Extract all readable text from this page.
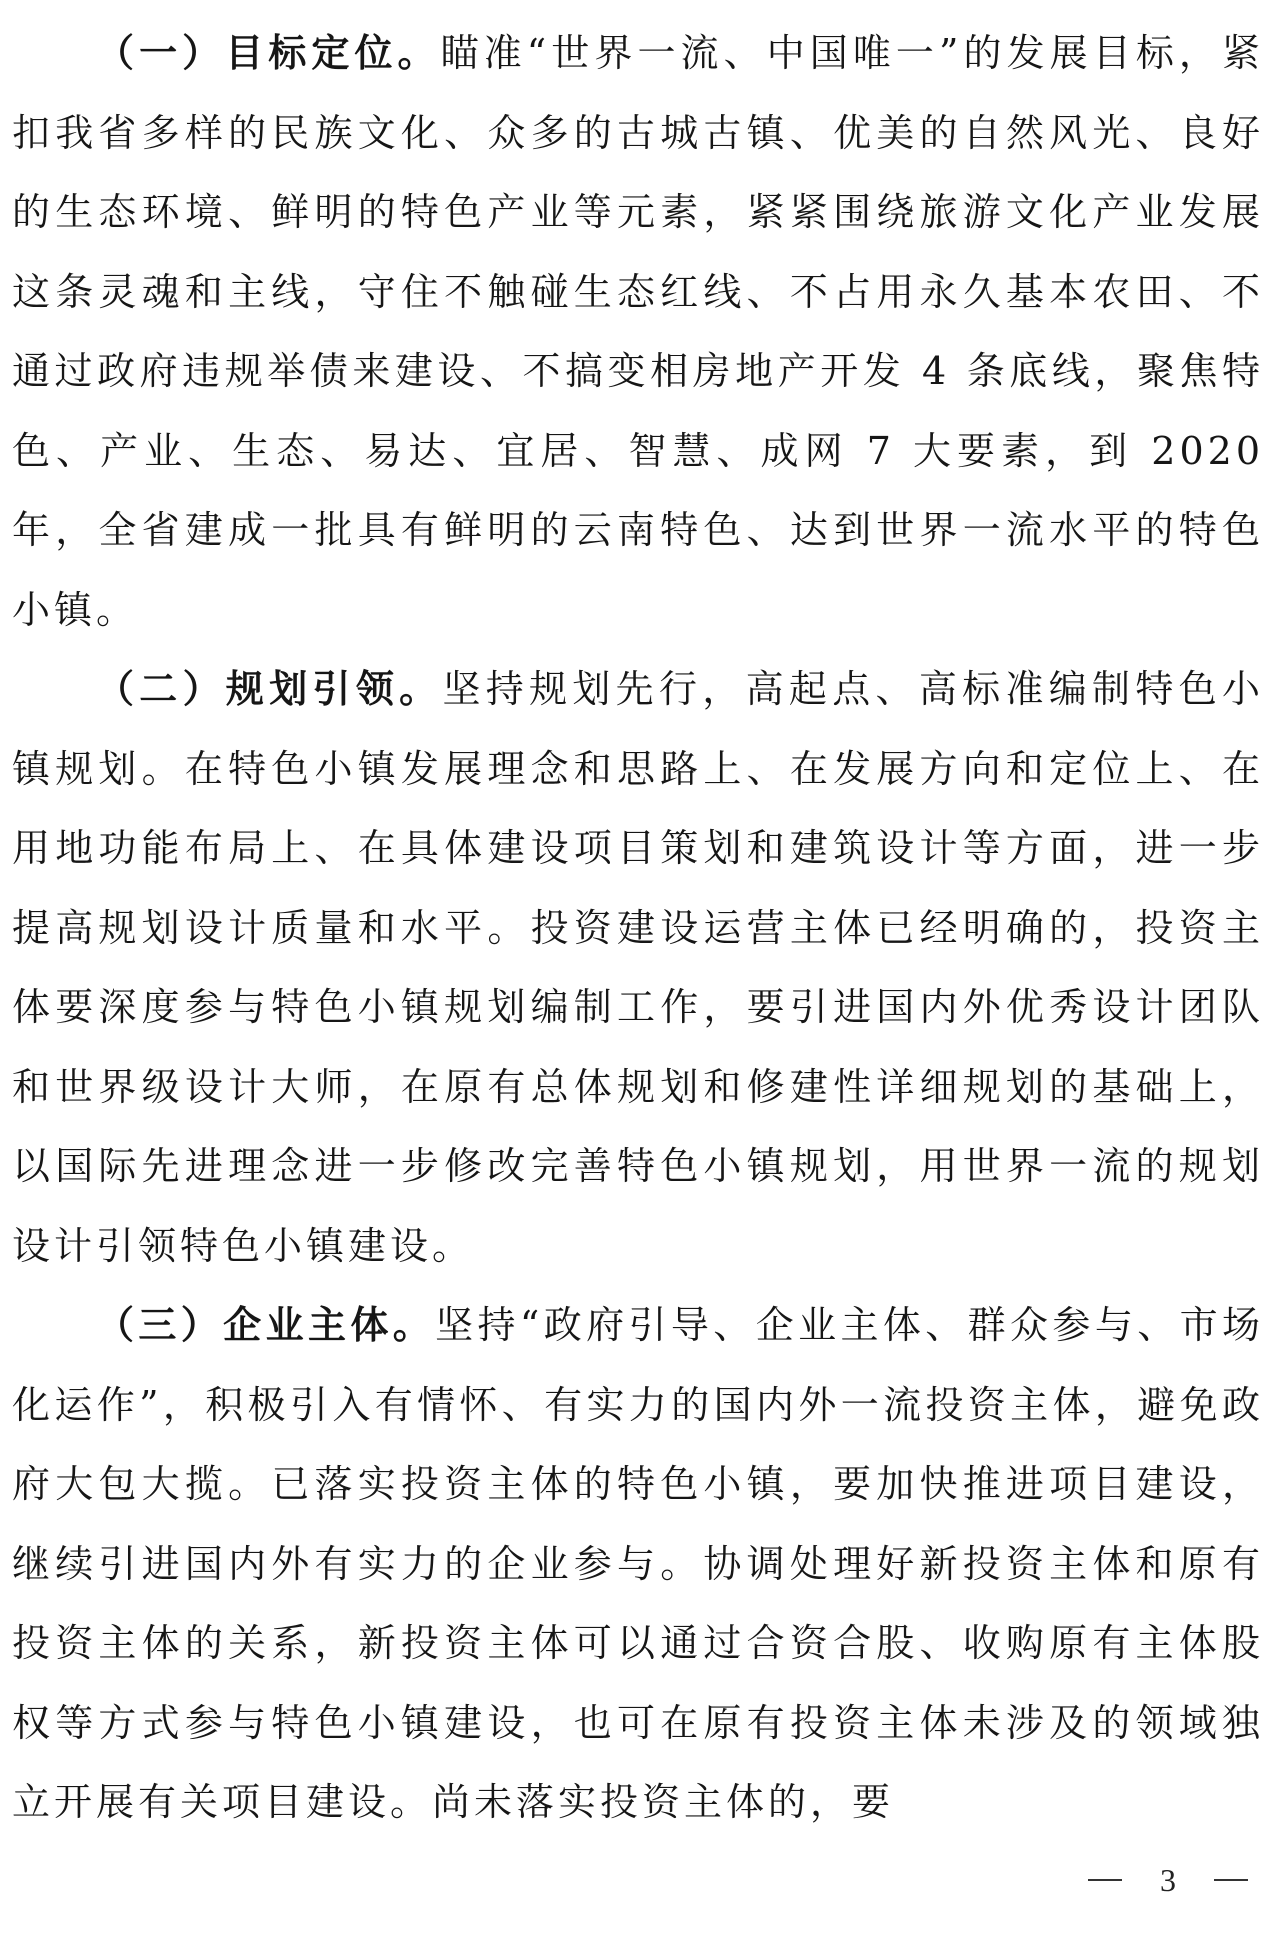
（一）目标定位。瞄准“世界一流、中国唯一”的发展目标，紧扣我省多样的民族文化、众多的古城古镇、优美的自然风光、良好的生态环境、鲜明的特色产业等元素，紧紧围绕旅游文化产业发展这条灵魂和主线，守住不触碰生态红线、不占用永久基本农田、不通过政府违规举债来建设、不搞变相房地产开发 4 条底线，聚焦特色、产业、生态、易达、宜居、智慧、成网 7 大要素，到 2020 年，全省建成一批具有鲜明的云南特色、达到世界一流水平的特色小镇。

（二）规划引领。坚持规划先行，高起点、高标准编制特色小镇规划。在特色小镇发展理念和思路上、在发展方向和定位上、在用地功能布局上、在具体建设项目策划和建筑设计等方面，进一步提高规划设计质量和水平。投资建设运营主体已经明确的，投资主体要深度参与特色小镇规划编制工作，要引进国内外优秀设计团队和世界级设计大师，在原有总体规划和修建性详细规划的基础上，以国际先进理念进一步修改完善特色小镇规划，用世界一流的规划设计引领特色小镇建设。

（三）企业主体。坚持“政府引导、企业主体、群众参与、市场化运作”，积极引入有情怀、有实力的国内外一流投资主体，避免政府大包大揽。已落实投资主体的特色小镇，要加快推进项目建设，继续引进国内外有实力的企业参与。协调处理好新投资主体和原有投资主体的关系，新投资主体可以通过合资合股、收购原有主体股权等方式参与特色小镇建设，也可在原有投资主体未涉及的领域独立开展有关项目建设。尚未落实投资主体的，要

3
